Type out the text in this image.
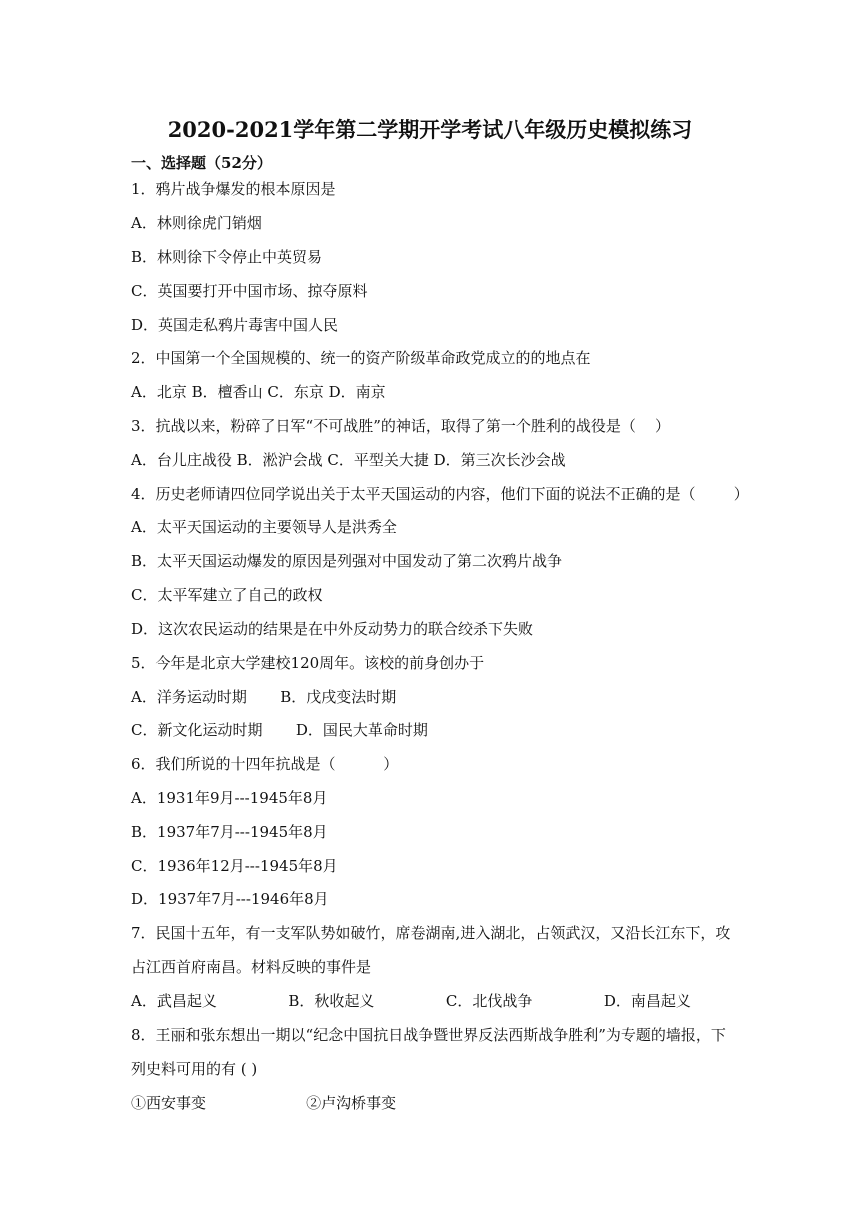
2020-2021学年第二学期开学考试八年级历史模拟练习
一、选择题（52分）
1．鸦片战争爆发的根本原因是
A．林则徐虎门销烟
B．林则徐下令停止中英贸易
C．英国要打开中国市场、掠夺原料
D．英国走私鸦片毒害中国人民
2．中国第一个全国规模的、统一的资产阶级革命政党成立的的地点在
A．北京 B．檀香山 C．东京 D．南京
3．抗战以来，粉碎了日军“不可战胜”的神话，取得了第一个胜利的战役是（    ）
A．台儿庄战役 B．淞沪会战 C．平型关大捷 D．第三次长沙会战
4．历史老师请四位同学说出关于太平天国运动的内容，他们下面的说法不正确的是（        ）
A．太平天国运动的主要领导人是洪秀全
B．太平天国运动爆发的原因是列强对中国发动了第二次鸦片战争
C．太平军建立了自己的政权
D．这次农民运动的结果是在中外反动势力的联合绞杀下失败
5．今年是北京大学建校120周年。该校的前身创办于
A．洋务运动时期       B．戊戌变法时期
C．新文化运动时期       D．国民大革命时期
6．我们所说的十四年抗战是（          ）
A．1931年9月---1945年8月
B．1937年7月---1945年8月
C．1936年12月---1945年8月
D．1937年7月---1946年8月
7．民国十五年，有一支军队势如破竹，席卷湖南,进入湖北，占领武汉，又沿长江东下，攻
占江西首府南昌。材料反映的事件是
A．武昌起义               B．秋收起义               C．北伐战争               D．南昌起义
8．王丽和张东想出一期以“纪念中国抗日战争暨世界反法西斯战争胜利”为专题的墙报，下
列史料可用的有 ( )
①西安事变                     ②卢沟桥事变
